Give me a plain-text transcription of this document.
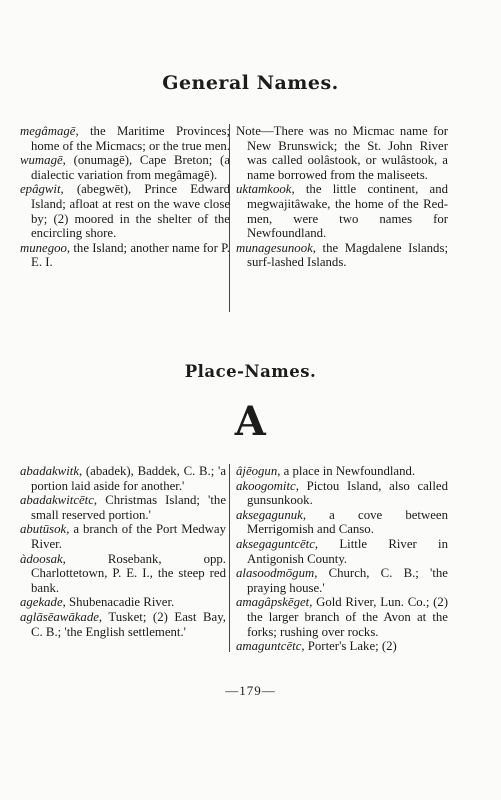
General Names.

megâmagē, the Maritime Provinces; home of the Micmacs; or the true men.

wumagē, (onumagē), Cape Breton; (a dialectic variation from megâmagē).

epâgwit, (abegwēt), Prince Edward Island; afloat at rest on the wave close by; (2) moored in the shelter of the encircling shore.

munegoo, the Island; another name for P. E. I.

Note—There was no Micmac name for New Brunswick; the St. John River was called oolâstook, or wulâstook, a name borrowed from the maliseets.

uktamkook, the little continent, and megwajitâwake, the home of the Red-men, were two names for Newfoundland.

munagesunook, the Magdalene Islands; surf-lashed Islands.

Place-Names.
A

abadakwitk, (abadek), Baddek, C. B.; 'a portion laid aside for another.'

abadakwitcētc, Christmas Island; 'the small reserved portion.'

abutūsok, a branch of the Port Medway River.

àdoosak, Rosebank, opp. Charlottetown, P. E. I., the steep red bank.

agekade, Shubenacadie River.

aglāsēawākade, Tusket; (2) East Bay, C. B.; 'the English settlement.'

âjēogun, a place in Newfoundland.

akoogomitc, Pictou Island, also called gunsunkook.

aksegagunuk, a cove between Merrigomish and Canso.

aksegaguntcētc, Little River in Antigonish County.

alasoodmōgum, Church, C. B.; 'the praying house.'

amagâpskēget, Gold River, Lun. Co.; (2) the larger branch of the Avon at the forks; rushing over rocks.

amaguntcētc, Porter's Lake; (2)

—179—
